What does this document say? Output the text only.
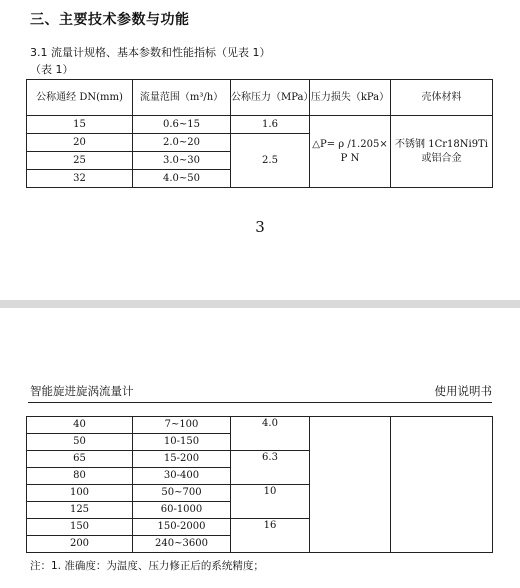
三、主要技术参数与功能
3.1 流量计规格、基本参数和性能指标（见表 1）
（表 1）
公称通经 DN(mm)	流量范围（m³/h）	公称压力（MPa）	压力损失（kPa）	壳体材料
15	0.6~15	1.6	△P= ρ /1.205× P N	不锈钢 1Cr18Ni9Ti 或铝合金
20	2.0~20	2.5		
25	3.0~30			
32	4.0~50			
3
智能旋进旋涡流量计	使用说明书
40	7~100	4.0		
50	10-150			
65	15-200	6.3		
80	30-400			
100	50~700	10		
125	60-1000			
150	150-2000	16		
200	240~3600			
注：1. 准确度：为温度、压力修正后的系统精度；
